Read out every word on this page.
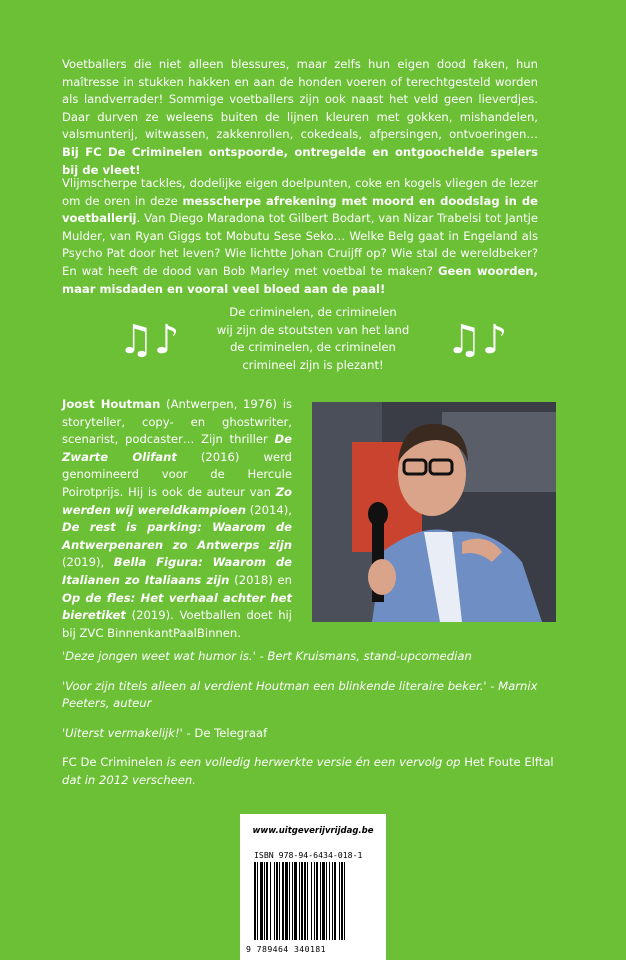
Voetballers die niet alleen blessures, maar zelfs hun eigen dood faken, hun maîtresse in stukken hakken en aan de honden voeren of terechtgesteld worden als landverrader! Sommige voetballers zijn ook naast het veld geen lieverdjes. Daar durven ze weleens buiten de lijnen kleuren met gokken, mishandelen, valsmunterij, witwassen, zakkenrollen, cokedeals, afpersingen, ontvoeringen… Bij FC De Criminelen ontspoorde, ontregelde en ontgoochelde spelers bij de vleet!
Vlijmscherpe tackles, dodelijke eigen doelpunten, coke en kogels vliegen de lezer om de oren in deze messcherpe afrekening met moord en doodslag in de voetballerij. Van Diego Maradona tot Gilbert Bodart, van Nizar Trabelsi tot Jantje Mulder, van Ryan Giggs tot Mobutu Sese Seko… Welke Belg gaat in Engeland als Psycho Pat door het leven? Wie lichtte Johan Cruijff op? Wie stal de wereldbeker? En wat heeft de dood van Bob Marley met voetbal te maken? Geen woorden, maar misdaden en vooral veel bloed aan de paal!
♫♪
De criminelen, de criminelen
wij zijn de stoutsten van het land
de criminelen, de criminelen
crimineel zijn is plezant!
♫♪
Joost Houtman (Antwerpen, 1976) is storyteller, copy- en ghostwriter, scenarist, podcaster… Zijn thriller De Zwarte Olifant (2016) werd genomineerd voor de Hercule Poirotprijs. Hij is ook de auteur van Zo werden wij wereldkampioen (2014), De rest is parking: Waarom de Antwerpenaren zo Antwerps zijn (2019), Bella Figura: Waarom de Italianen zo Italiaans zijn (2018) en Op de fles: Het verhaal achter het bieretiket (2019). Voetballen doet hij bij ZVC BinnenkantPaalBinnen.

'Deze jongen weet wat humor is.' - Bert Kruismans, stand-upcomedian

'Voor zijn titels alleen al verdient Houtman een blinkende literaire beker.' - Marnix Peeters, auteur

'Uiterst vermakelijk!' - De Telegraaf

FC De Criminelen is een volledig herwerkte versie én een vervolg op Het Foute Elftal dat in 2012 verscheen.

www.uitgeverijvrijdag.be
ISBN 978-94-6434-018-1
9 789464 340181
